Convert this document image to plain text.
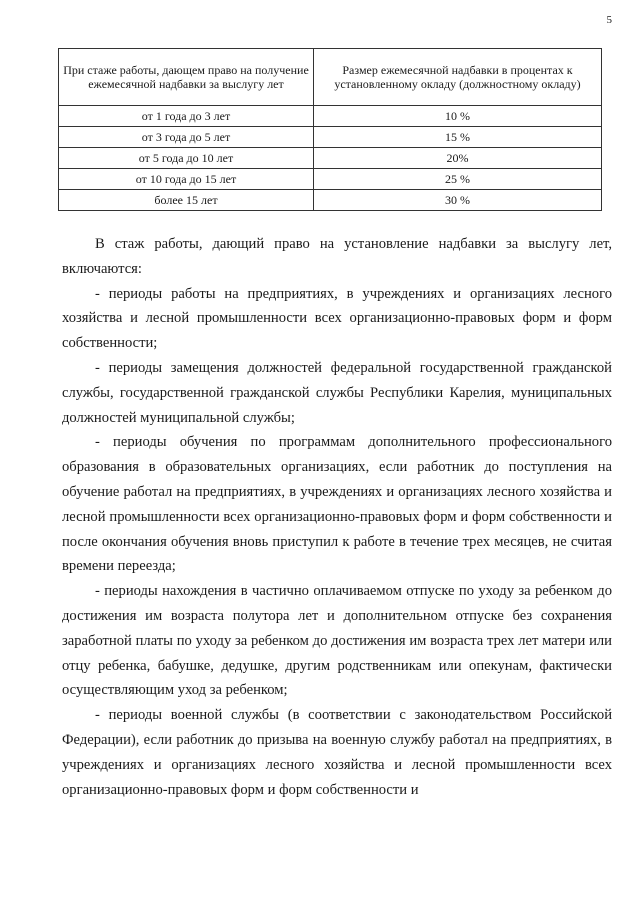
5
При стаже работы, дающем право на получение ежемесячной надбавки за выслугу лет	Размер ежемесячной надбавки в процентах к установленному окладу (должностному окладу)
от 1 года до 3 лет	10 %
от 3 года до 5 лет	15 %
от 5 года до 10 лет	20%
от 10 года до 15 лет	25 %
более 15 лет	30 %

В стаж работы, дающий право на установление надбавки за выслугу лет, включаются:

- периоды работы на предприятиях, в учреждениях и организациях лесного хозяйства и лесной промышленности всех организационно-правовых форм и форм собственности;

- периоды замещения должностей федеральной государственной гражданской службы, государственной гражданской службы Республики Карелия, муниципальных должностей муниципальной службы;

- периоды обучения по программам дополнительного профессионального образования в образовательных организациях, если работник до поступления на обучение работал на предприятиях, в учреждениях и организациях лесного хозяйства и лесной промышленности всех организационно-правовых форм и форм собственности и после окончания обучения вновь приступил к работе в течение трех месяцев, не считая времени переезда;

- периоды нахождения в частично оплачиваемом отпуске по уходу за ребенком до достижения им возраста полутора лет и дополнительном отпуске без сохранения заработной платы по уходу за ребенком до достижения им возраста трех лет матери или отцу ребенка, бабушке, дедушке, другим родственникам или опекунам, фактически осуществляющим уход за ребенком;

- периоды военной службы (в соответствии с законодательством Российской Федерации), если работник до призыва на военную службу работал на предприятиях, в учреждениях и организациях лесного хозяйства и лесной промышленности всех организационно-правовых форм и форм собственности и
